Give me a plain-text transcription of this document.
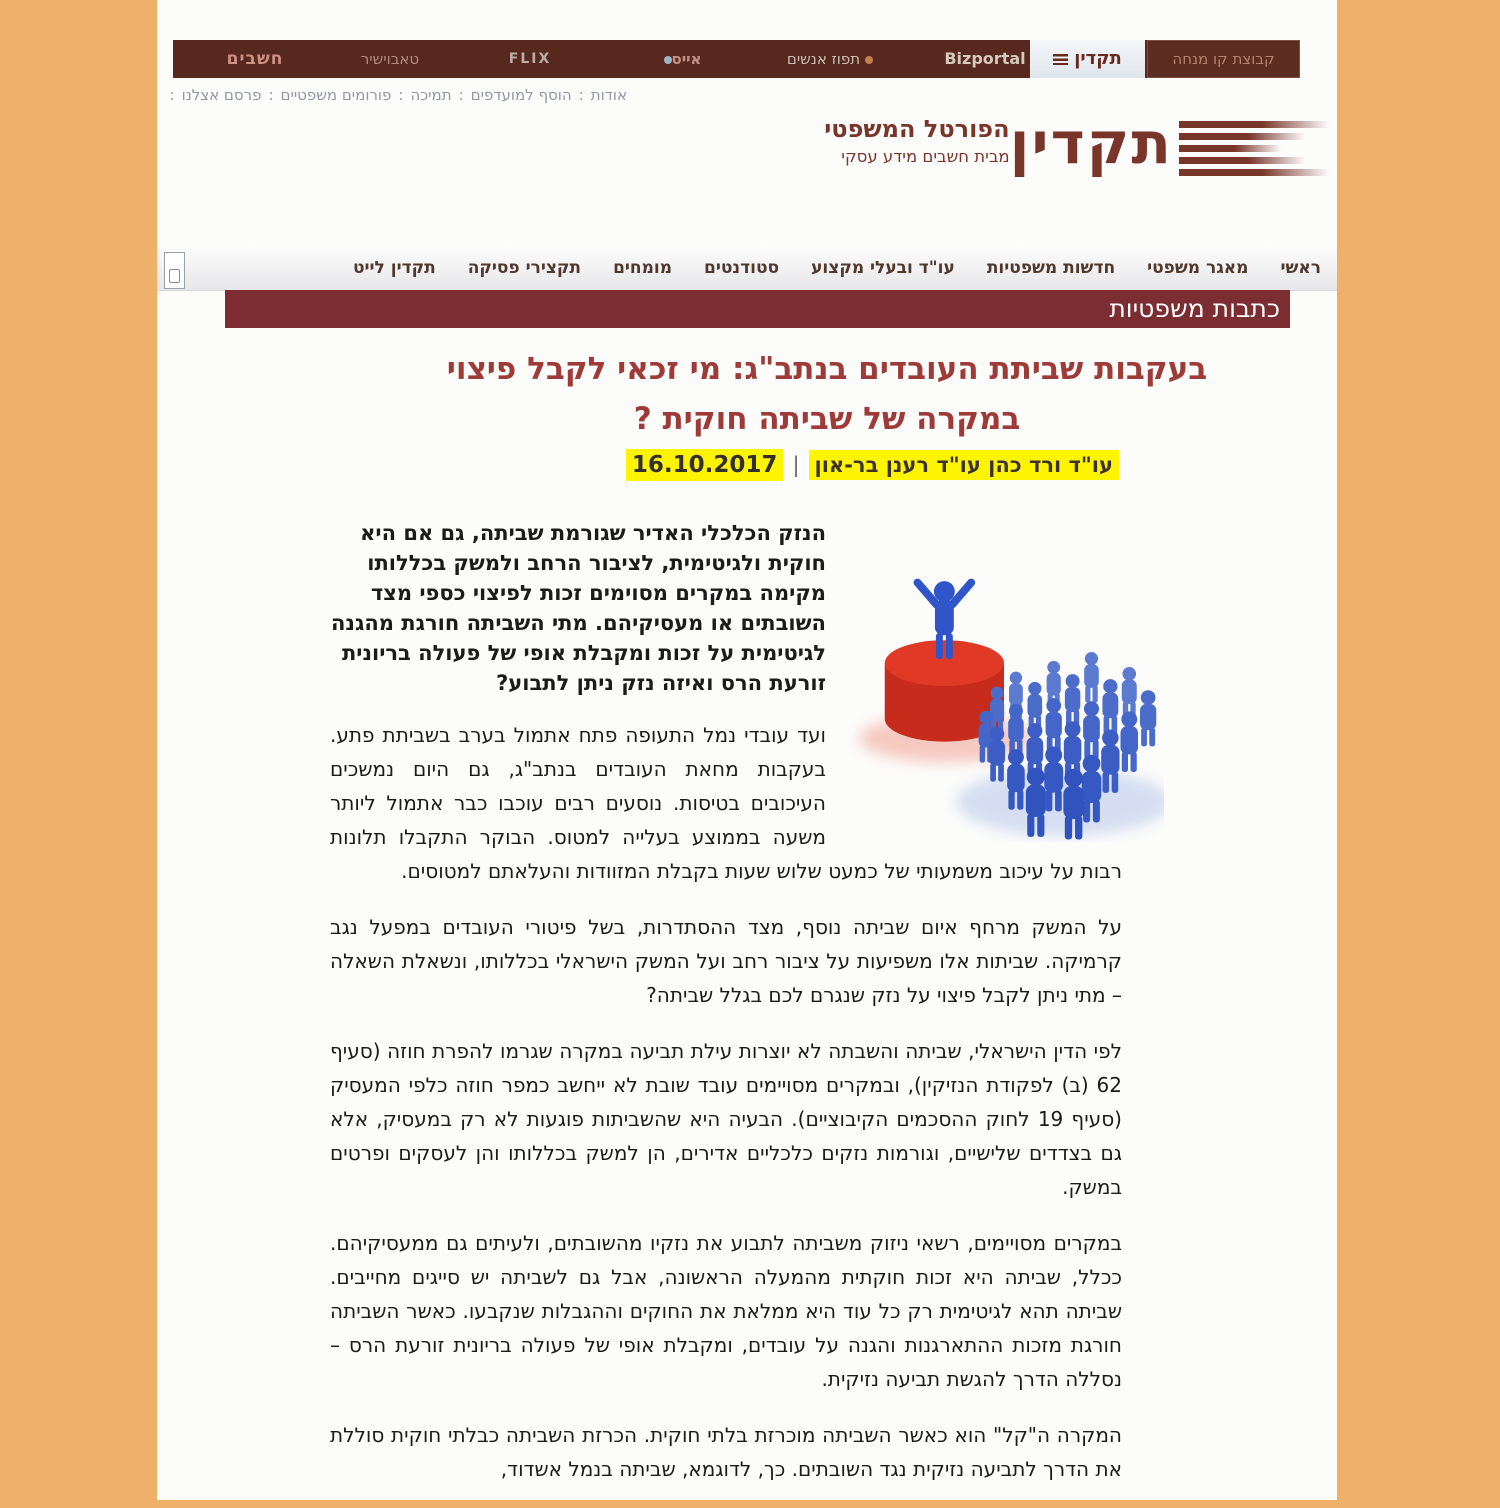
חשבים	טאבוישיר	FLIX	אייס	תפוז אנשים	Bizportal	תקדין	קבוצת קו מנחה
אודות:הוסף למועדפים:תמיכה:פורומים משפטיים:פרסם אצלנו:
הפורטל המשפטי
מבית חשבים מידע עסקי תקדין
ראשי
מאגר משפטי
חדשות משפטיות
עו"ד ובעלי מקצוע
סטודנטים
מומחים
תקצירי פסיקה
תקדין לייט
כתבות משפטיות
בעקבות שביתת העובדים בנתב"ג: מי זכאי לקבל פיצוי
במקרה של שביתה חוקית ?
עו"ד ורד כהן עו"ד רענן בר-און|16.10.2017

הנזק הכלכלי האדיר שגורמת שביתה, גם אם היא חוקית ולגיטימית, לציבור הרחב ולמשק בכללותו מקימה במקרים מסוימים זכות לפיצוי כספי מצד השובתים או מעסיקיהם. מתי השביתה חורגת מהגנה לגיטימית על זכות ומקבלת אופי של פעולה בריונית זורעת הרס ואיזה נזק ניתן לתבוע?

ועד עובדי נמל התעופה פתח אתמול בערב בשביתת פתע. בעקבות מחאת העובדים בנתב"ג, גם היום נמשכים העיכובים בטיסות. נוסעים רבים עוכבו כבר אתמול ליותר משעה בממוצע בעלייה למטוס. הבוקר התקבלו תלונות רבות על עיכוב משמעותי של כמעט שלוש שעות בקבלת המזוודות והעלאתם למטוסים.

על המשק מרחף איום שביתה נוסף, מצד ההסתדרות, בשל פיטורי העובדים במפעל נגב קרמיקה. שביתות אלו משפיעות על ציבור רחב ועל המשק הישראלי בכללותו, ונשאלת השאלה – מתי ניתן לקבל פיצוי על נזק שנגרם לכם בגלל שביתה?

לפי הדין הישראלי, שביתה והשבתה לא יוצרות עילת תביעה במקרה שגרמו להפרת חוזה (סעיף 62 (ב) לפקודת הנזיקין), ובמקרים מסויימים עובד שובת לא ייחשב כמפר חוזה כלפי המעסיק (סעיף 19 לחוק ההסכמים הקיבוציים). הבעיה היא שהשביתות פוגעות לא רק במעסיק, אלא גם בצדדים שלישיים, וגורמות נזקים כלכליים אדירים, הן למשק בכללותו והן לעסקים ופרטים במשק.

במקרים מסויימים, רשאי ניזוק משביתה לתבוע את נזקיו מהשובתים, ולעיתים גם ממעסיקיהם. ככלל, שביתה היא זכות חוקתית מהמעלה הראשונה, אבל גם לשביתה יש סייגים מחייבים. שביתה תהא לגיטימית רק כל עוד היא ממלאת את החוקים וההגבלות שנקבעו. כאשר השביתה חורגת מזכות ההתארגנות והגנה על עובדים, ומקבלת אופי של פעולה בריונית זורעת הרס – נסללה הדרך להגשת תביעה נזיקית.

המקרה ה"קל" הוא כאשר השביתה מוכרזת בלתי חוקית. הכרזת השביתה כבלתי חוקית סוללת את הדרך לתביעה נזיקית נגד השובתים. כך, לדוגמא, שביתה בנמל אשדוד,
